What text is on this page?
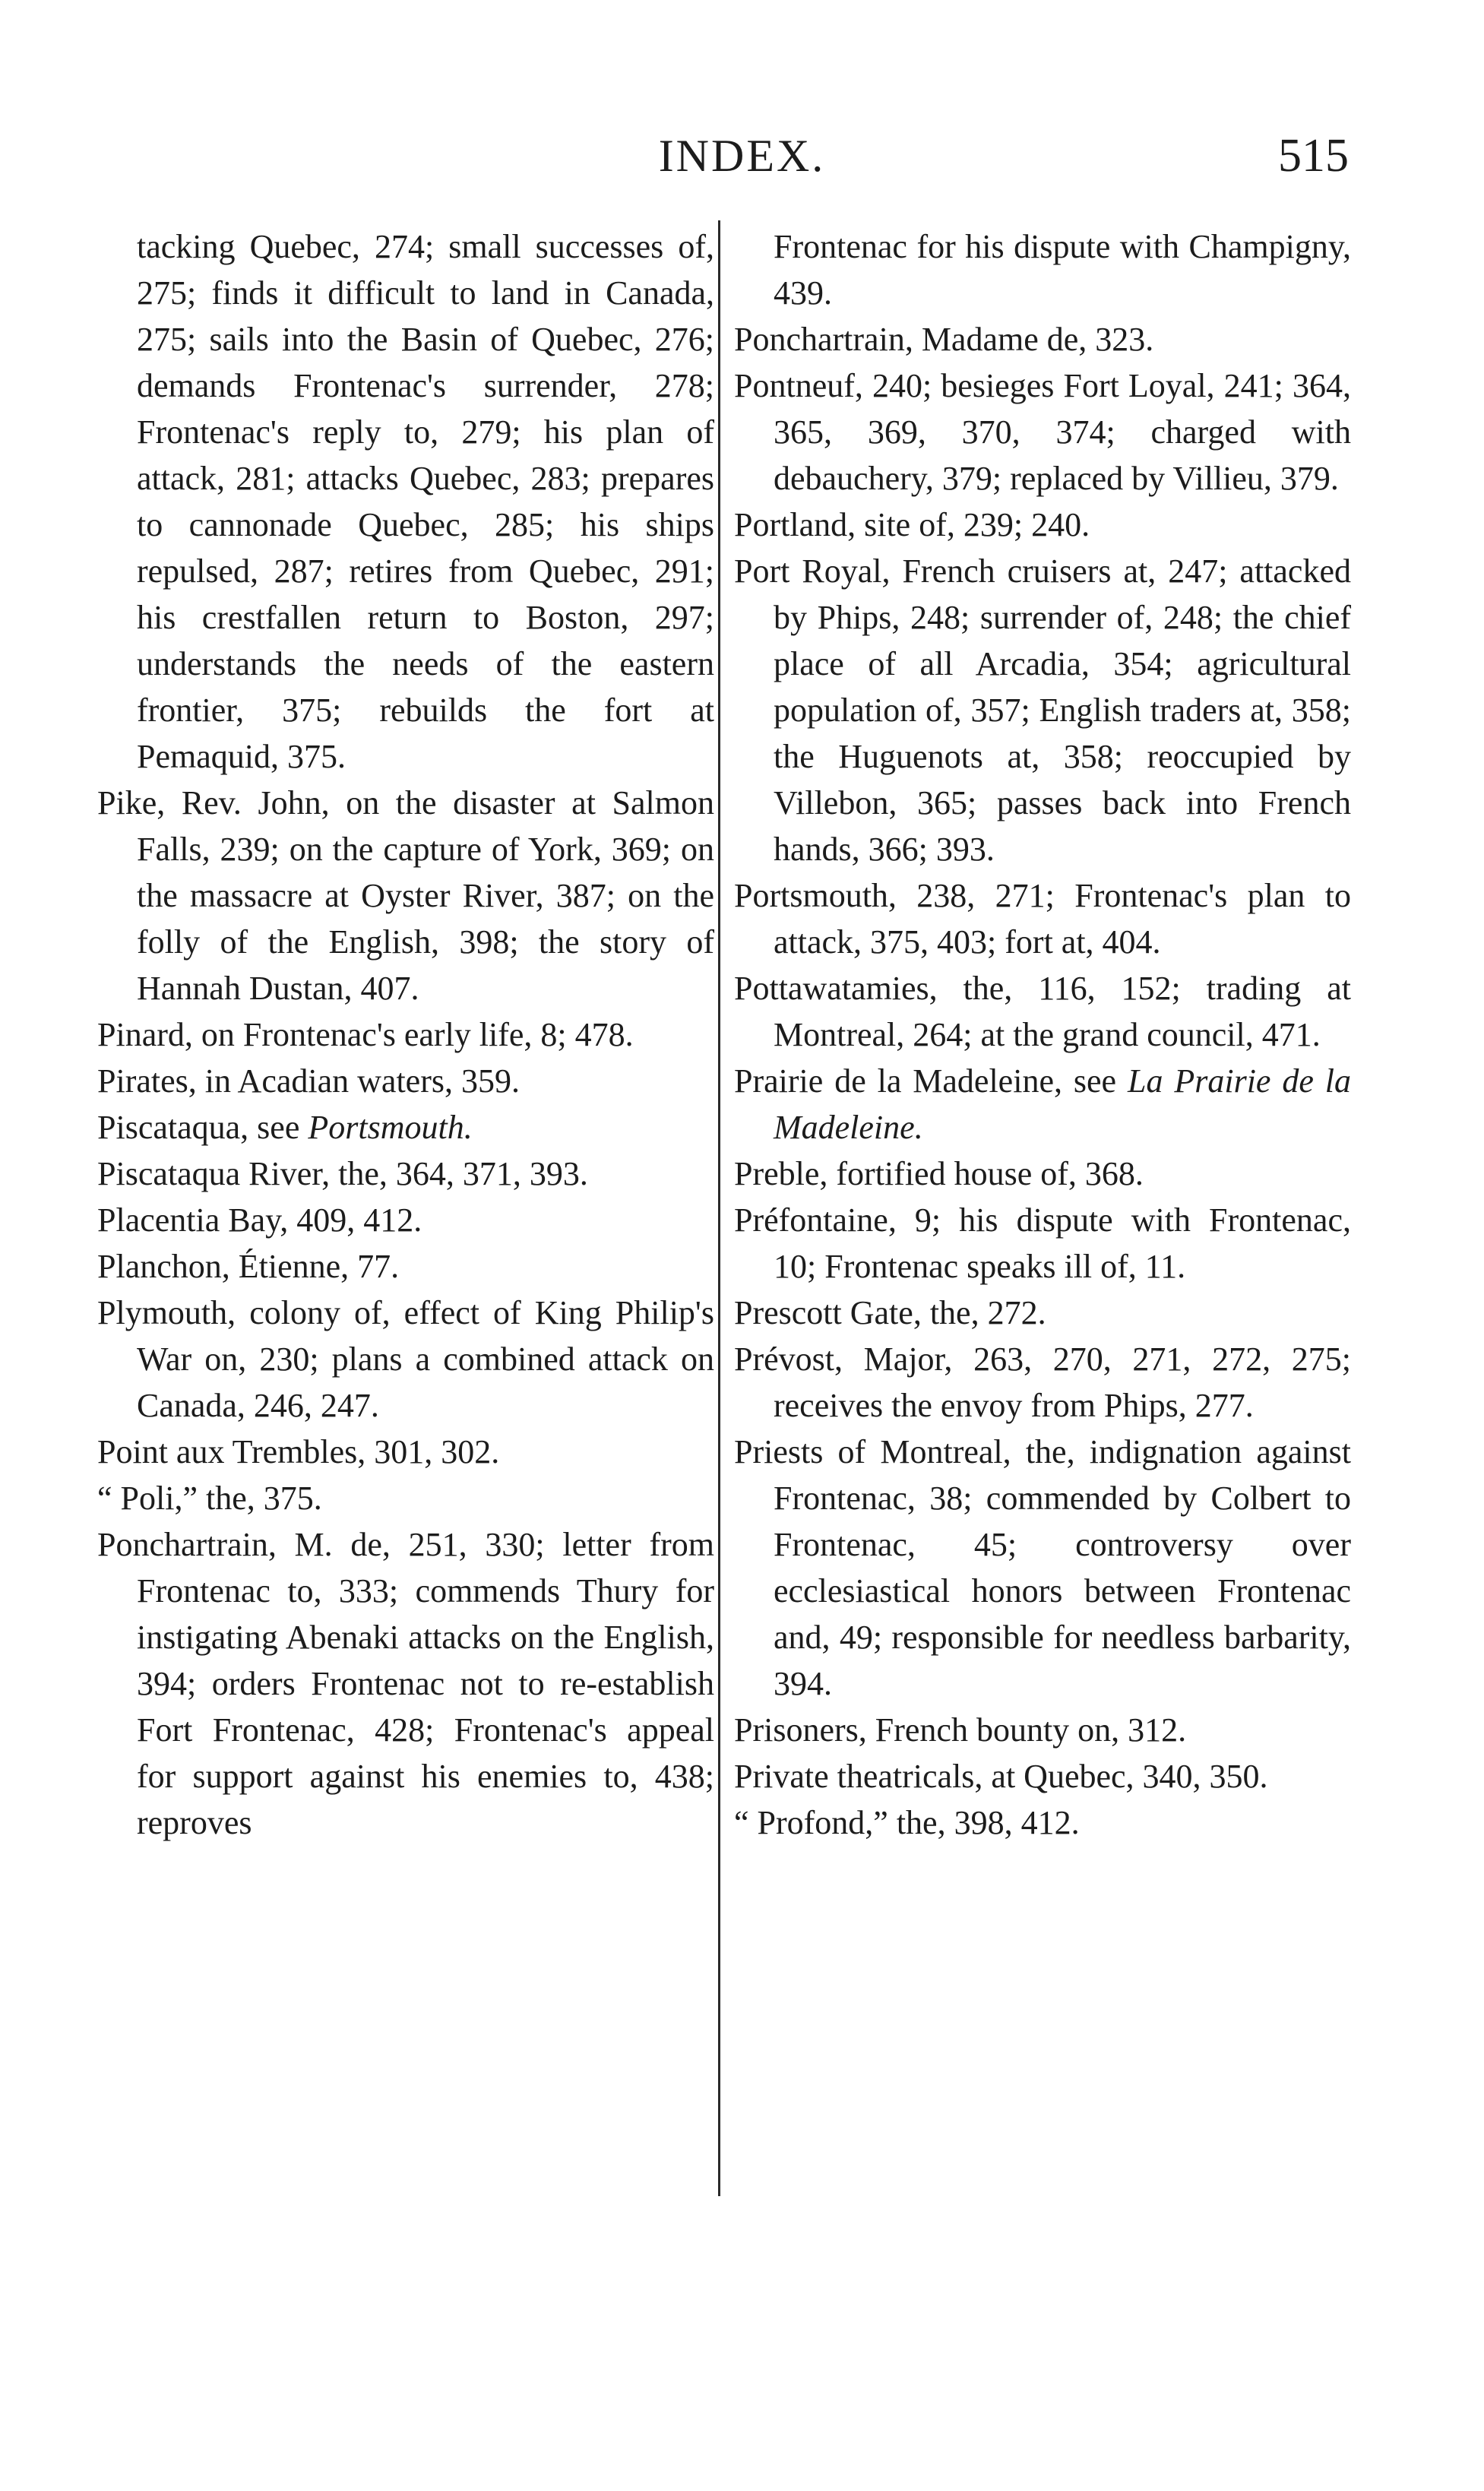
INDEX.	515

tacking Quebec, 274; small successes of, 275; finds it difficult to land in Canada, 275; sails into the Basin of Quebec, 276; demands Frontenac's surrender, 278; Frontenac's reply to, 279; his plan of attack, 281; attacks Quebec, 283; prepares to cannonade Quebec, 285; his ships repulsed, 287; retires from Quebec, 291; his crestfallen return to Boston, 297; understands the needs of the eastern frontier, 375; rebuilds the fort at Pemaquid, 375.

Pike, Rev. John, on the disaster at Salmon Falls, 239; on the capture of York, 369; on the massacre at Oyster River, 387; on the folly of the English, 398; the story of Hannah Dustan, 407.

Pinard, on Frontenac's early life, 8; 478.

Pirates, in Acadian waters, 359.

Piscataqua, see Portsmouth.

Piscataqua River, the, 364, 371, 393.

Placentia Bay, 409, 412.

Planchon, Étienne, 77.

Plymouth, colony of, effect of King Philip's War on, 230; plans a combined attack on Canada, 246, 247.

Point aux Trembles, 301, 302.

“ Poli,” the, 375.

Ponchartrain, M. de, 251, 330; letter from Frontenac to, 333; commends Thury for instigating Abenaki attacks on the English, 394; orders Frontenac not to re-establish Fort Frontenac, 428; Frontenac's appeal for support against his enemies to, 438; reproves

Frontenac for his dispute with Champigny, 439.

Ponchartrain, Madame de, 323.

Pontneuf, 240; besieges Fort Loyal, 241; 364, 365, 369, 370, 374; charged with debauchery, 379; replaced by Villieu, 379.

Portland, site of, 239; 240.

Port Royal, French cruisers at, 247; attacked by Phips, 248; surrender of, 248; the chief place of all Arcadia, 354; agricultural population of, 357; English traders at, 358; the Huguenots at, 358; reoccupied by Villebon, 365; passes back into French hands, 366; 393.

Portsmouth, 238, 271; Frontenac's plan to attack, 375, 403; fort at, 404.

Pottawatamies, the, 116, 152; trading at Montreal, 264; at the grand council, 471.

Prairie de la Madeleine, see La Prairie de la Madeleine.

Preble, fortified house of, 368.

Préfontaine, 9; his dispute with Frontenac, 10; Frontenac speaks ill of, 11.

Prescott Gate, the, 272.

Prévost, Major, 263, 270, 271, 272, 275; receives the envoy from Phips, 277.

Priests of Montreal, the, indignation against Frontenac, 38; commended by Colbert to Frontenac, 45; controversy over ecclesiastical honors between Frontenac and, 49; responsible for needless barbarity, 394.

Prisoners, French bounty on, 312.

Private theatricals, at Quebec, 340, 350.

“ Profond,” the, 398, 412.
